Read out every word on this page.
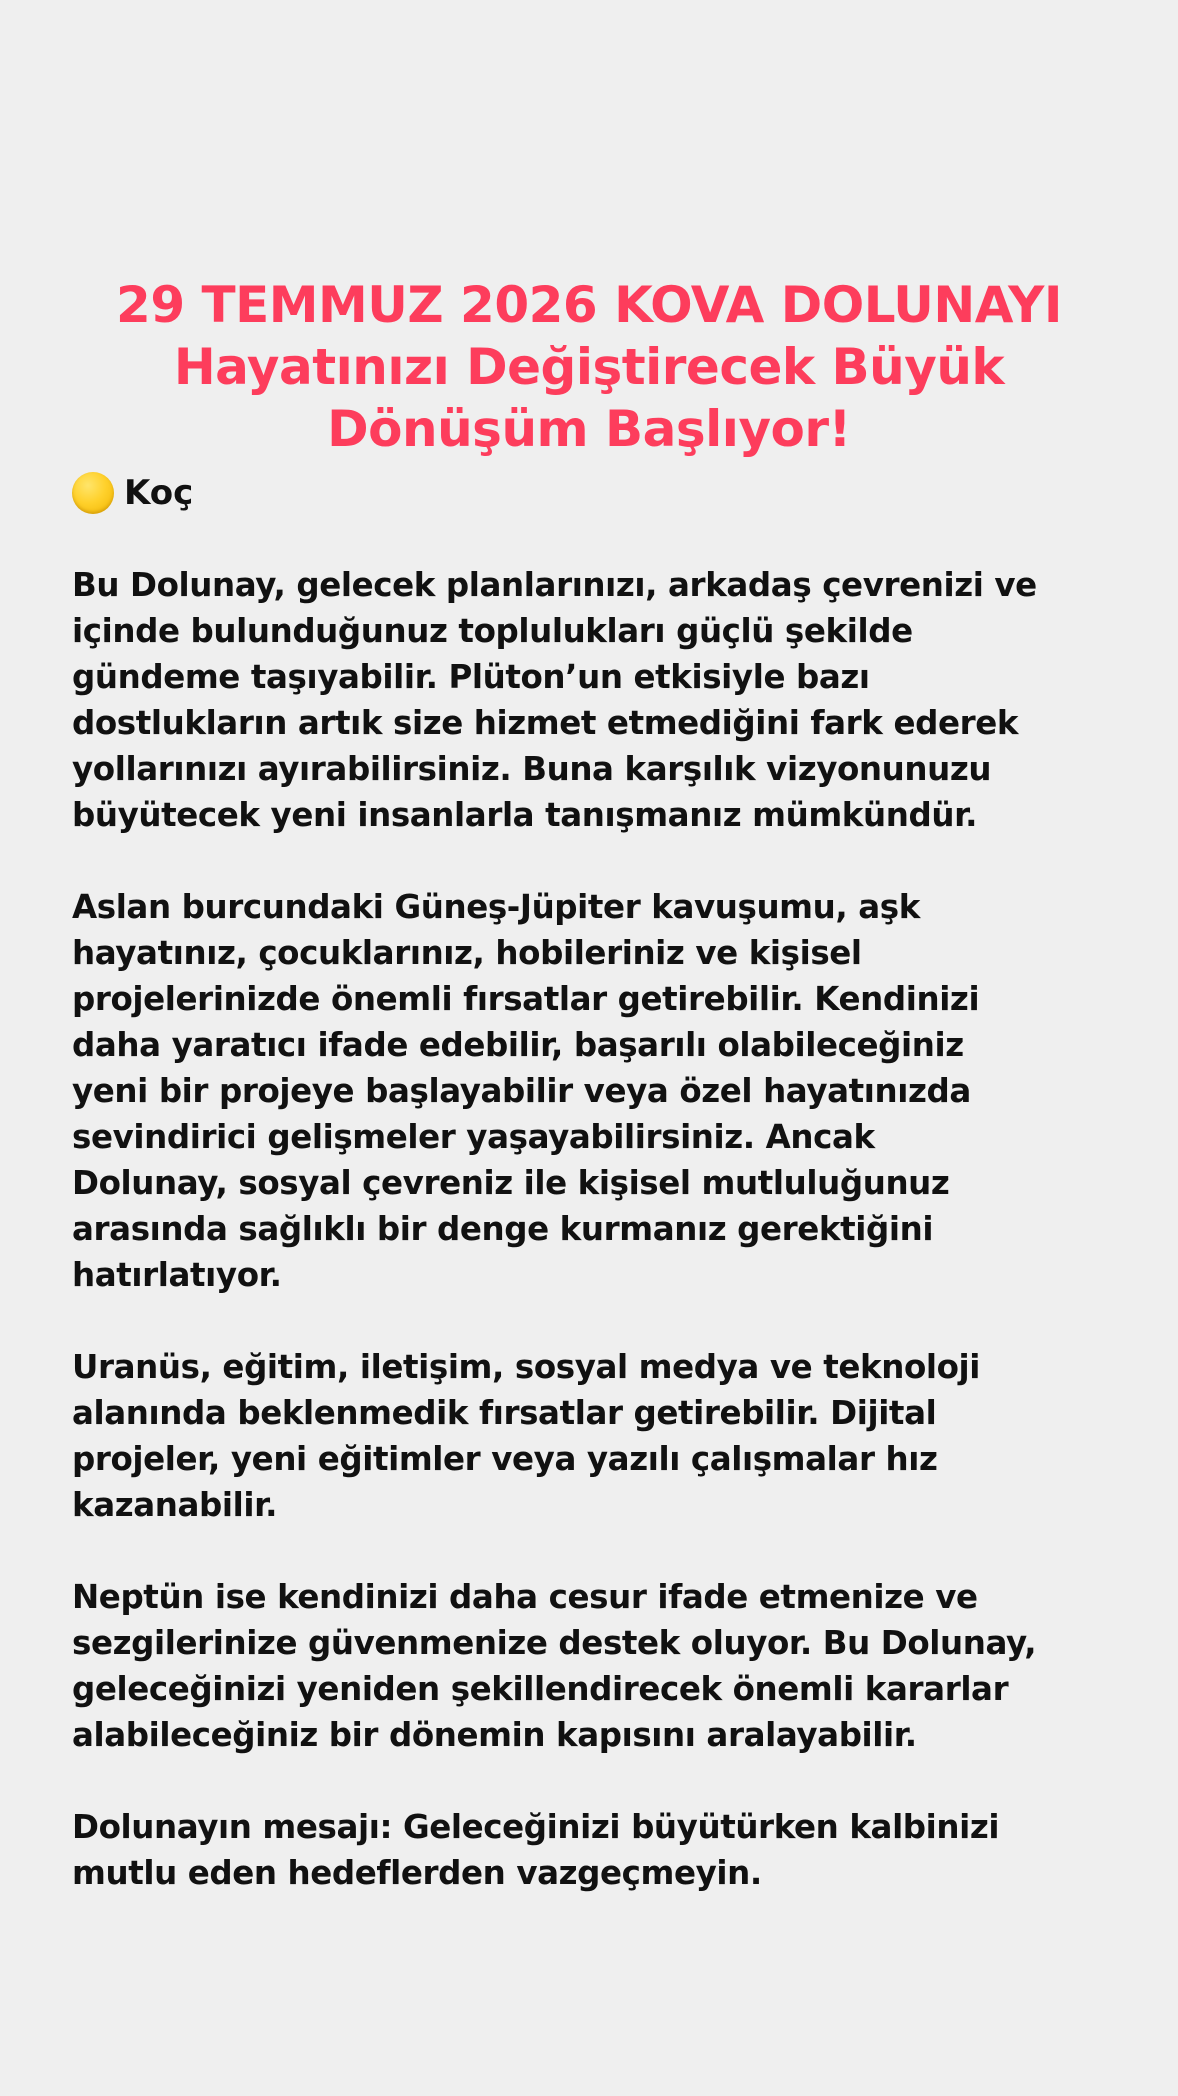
29 TEMMUZ 2026 KOVA DOLUNAYI
Hayatınızı Değiştirecek Büyük
Dönüşüm Başlıyor!
Koç

Bu Dolunay, gelecek planlarınızı, arkadaş çevrenizi ve
içinde bulunduğunuz toplulukları güçlü şekilde
gündeme taşıyabilir. Plüton’un etkisiyle bazı
dostlukların artık size hizmet etmediğini fark ederek
yollarınızı ayırabilirsiniz. Buna karşılık vizyonunuzu
büyütecek yeni insanlarla tanışmanız mümkündür.

Aslan burcundaki Güneş-Jüpiter kavuşumu, aşk
hayatınız, çocuklarınız, hobileriniz ve kişisel
projelerinizde önemli fırsatlar getirebilir. Kendinizi
daha yaratıcı ifade edebilir, başarılı olabileceğiniz
yeni bir projeye başlayabilir veya özel hayatınızda
sevindirici gelişmeler yaşayabilirsiniz. Ancak
Dolunay, sosyal çevreniz ile kişisel mutluluğunuz
arasında sağlıklı bir denge kurmanız gerektiğini
hatırlatıyor.

Uranüs, eğitim, iletişim, sosyal medya ve teknoloji
alanında beklenmedik fırsatlar getirebilir. Dijital
projeler, yeni eğitimler veya yazılı çalışmalar hız
kazanabilir.

Neptün ise kendinizi daha cesur ifade etmenize ve
sezgilerinize güvenmenize destek oluyor. Bu Dolunay,
geleceğinizi yeniden şekillendirecek önemli kararlar
alabileceğiniz bir dönemin kapısını aralayabilir.

Dolunayın mesajı: Geleceğinizi büyütürken kalbinizi
mutlu eden hedeflerden vazgeçmeyin.
